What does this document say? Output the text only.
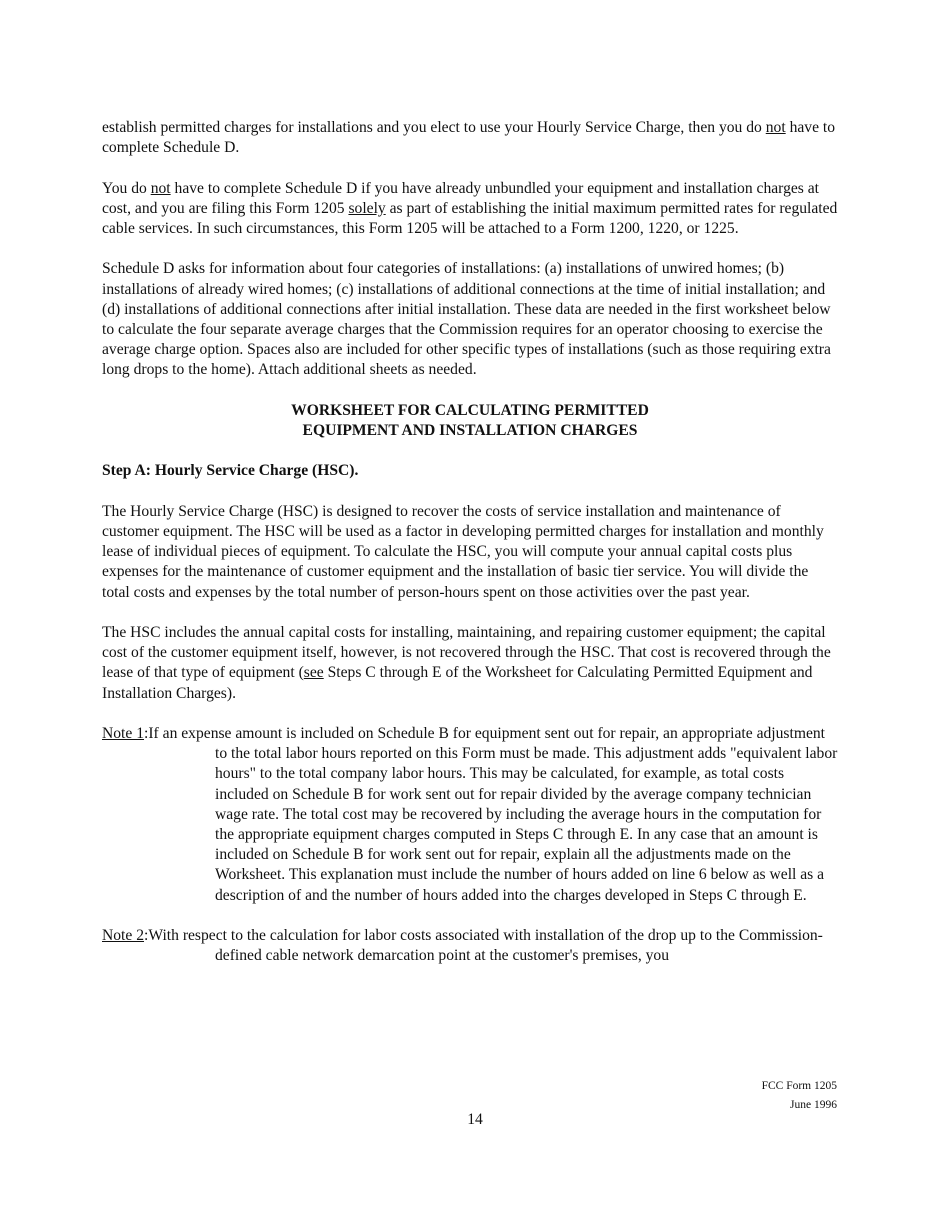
establish permitted charges for installations and you elect to use your Hourly Service Charge, then you do not have to complete Schedule D.

You do not have to complete Schedule D if you have already unbundled your equipment and installation charges at cost, and you are filing this Form 1205 solely as part of establishing the initial maximum permitted rates for regulated cable services. In such circumstances, this Form 1205 will be attached to a Form 1200, 1220, or 1225.

Schedule D asks for information about four categories of installations: (a) installations of unwired homes; (b) installations of already wired homes; (c) installations of additional connections at the time of initial installation; and (d) installations of additional connections after initial installation. These data are needed in the first worksheet below to calculate the four separate average charges that the Commission requires for an operator choosing to exercise the average charge option. Spaces also are included for other specific types of installations (such as those requiring extra long drops to the home). Attach additional sheets as needed.

WORKSHEET FOR CALCULATING PERMITTED
EQUIPMENT AND INSTALLATION CHARGES
Step A: Hourly Service Charge (HSC).

The Hourly Service Charge (HSC) is designed to recover the costs of service installation and maintenance of customer equipment. The HSC will be used as a factor in developing permitted charges for installation and monthly lease of individual pieces of equipment. To calculate the HSC, you will compute your annual capital costs plus expenses for the maintenance of customer equipment and the installation of basic tier service. You will divide the total costs and expenses by the total number of person-hours spent on those activities over the past year.

The HSC includes the annual capital costs for installing, maintaining, and repairing customer equipment; the capital cost of the customer equipment itself, however, is not recovered through the HSC. That cost is recovered through the lease of that type of equipment (see Steps C through E of the Worksheet for Calculating Permitted Equipment and Installation Charges).

Note 1:If an expense amount is included on Schedule B for equipment sent out for repair, an appropriate adjustment to the total labor hours reported on this Form must be made. This adjustment adds "equivalent labor hours" to the total company labor hours. This may be calculated, for example, as total costs included on Schedule B for work sent out for repair divided by the average company technician wage rate. The total cost may be recovered by including the average hours in the computation for the appropriate equipment charges computed in Steps C through E. In any case that an amount is included on Schedule B for work sent out for repair, explain all the adjustments made on the Worksheet. This explanation must include the number of hours added on line 6 below as well as a description of and the number of hours added into the charges developed in Steps C through E.
Note 2:With respect to the calculation for labor costs associated with installation of the drop up to the Commission-defined cable network demarcation point at the customer's premises, you
FCC Form 1205
June 1996
14
